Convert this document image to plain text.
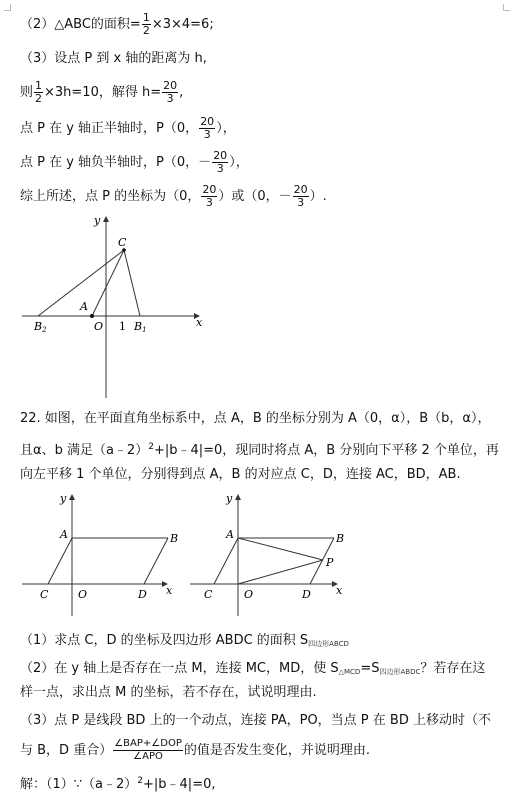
（2）△ABC的面积= $\frac{1}{2} \times 3\times 4=6$;
（3）设点 P 到 x 轴的距离为 h,
则 $\frac{1}{2} \times 3h=10$，解得 $h= \frac{20}{3}$ ,
点 P 在 y 轴正半轴时，P（0， $\frac{20}{3}$ ），
点 P 在 y 轴负半轴时，P（0，－ $\frac{20}{3}$ ），
综上所述，点 P 的坐标为（0， $\frac{20}{3}$ ）或（0，－ $\frac{20}{3}$ ）.
y
x
C
A
O 1 B1
B2
22. 如图，在平面直角坐标系中，点 A，B 的坐标分别为 A（0，α），B（b，α），
且α、b 满足（a﹣2）$^2$+|b﹣4|=0，现同时将点 A，B 分别向下平移 2 个单位，再
向左平移 1 个单位，分别得到点 A，B 的对应点 C，D，连接 AC，BD，AB.
y
x
A	B
C	O	D
y
x
A	B
C	O	D
P
（1）求点 C，D 的坐标及四边形 ABDC 的面积 $S_{四边形ABCD}$
（2）在 y 轴上是否存在一点 M，连接 MC，MD，使 $S_{\triangle MCD}=S_{四边形ABDC}$？若存在这
样一点，求出点 M 的坐标，若不存在，试说明理由.
（3）点 P 是线段 BD 上的一个动点，连接 PA，PO，当点 P 在 BD 上移动时（不
与 B，D 重合） $\frac{\text{∠BAP+∠DOP}}{\text{∠APO}}$ 的值是否发生变化，并说明理由.
解：（1）∵（a﹣2）$^2$+|b﹣4|=0,
